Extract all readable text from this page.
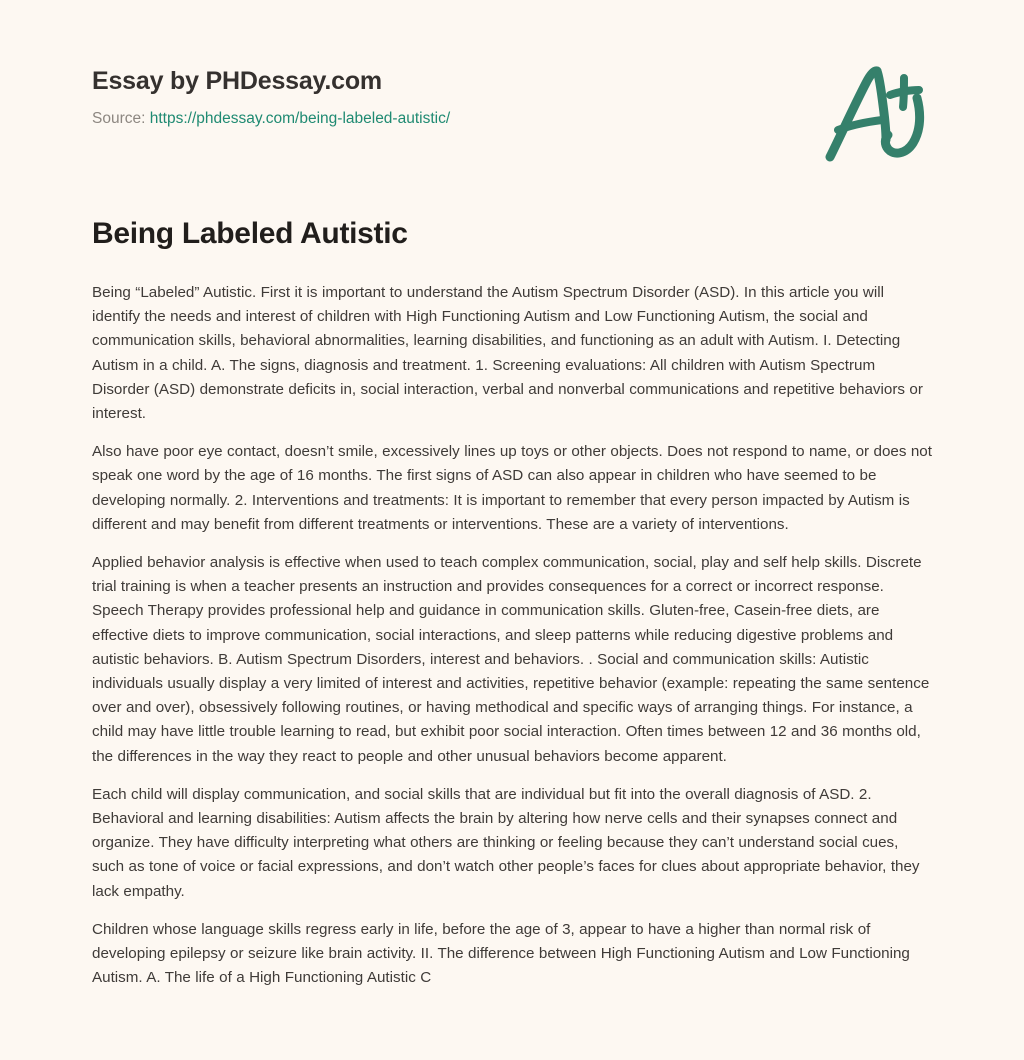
Essay by PHDessay.com
Source: https://phdessay.com/being-labeled-autistic/
Being Labeled Autistic

Being “Labeled” Autistic. First it is important to understand the Autism Spectrum Disorder (ASD). In this article you will identify the needs and interest of children with High Functioning Autism and Low Functioning Autism, the social and communication skills, behavioral abnormalities, learning disabilities, and functioning as an adult with Autism. I. Detecting Autism in a child. A. The signs, diagnosis and treatment. 1. Screening evaluations: All children with Autism Spectrum Disorder (ASD) demonstrate deficits in, social interaction, verbal and nonverbal communications and repetitive behaviors or interest.

Also have poor eye contact, doesn’t smile, excessively lines up toys or other objects. Does not respond to name, or does not speak one word by the age of 16 months. The first signs of ASD can also appear in children who have seemed to be developing normally. 2. Interventions and treatments: It is important to remember that every person impacted by Autism is different and may benefit from different treatments or interventions. These are a variety of interventions.

Applied behavior analysis is effective when used to teach complex communication, social, play and self help skills. Discrete trial training is when a teacher presents an instruction and provides consequences for a correct or incorrect response. Speech Therapy provides professional help and guidance in communication skills. Gluten-free, Casein-free diets, are effective diets to improve communication, social interactions, and sleep patterns while reducing digestive problems and autistic behaviors. B. Autism Spectrum Disorders, interest and behaviors. . Social and communication skills: Autistic individuals usually display a very limited of interest and activities, repetitive behavior (example: repeating the same sentence over and over), obsessively following routines, or having methodical and specific ways of arranging things. For instance, a child may have little trouble learning to read, but exhibit poor social interaction. Often times between 12 and 36 months old, the differences in the way they react to people and other unusual behaviors become apparent.

Each child will display communication, and social skills that are individual but fit into the overall diagnosis of ASD. 2. Behavioral and learning disabilities: Autism affects the brain by altering how nerve cells and their synapses connect and organize. They have difficulty interpreting what others are thinking or feeling because they can’t understand social cues, such as tone of voice or facial expressions, and don’t watch other people’s faces for clues about appropriate behavior, they lack empathy.

Children whose language skills regress early in life, before the age of 3, appear to have a higher than normal risk of developing epilepsy or seizure like brain activity. II. The difference between High Functioning Autism and Low Functioning Autism. A. The life of a High Functioning Autistic C
